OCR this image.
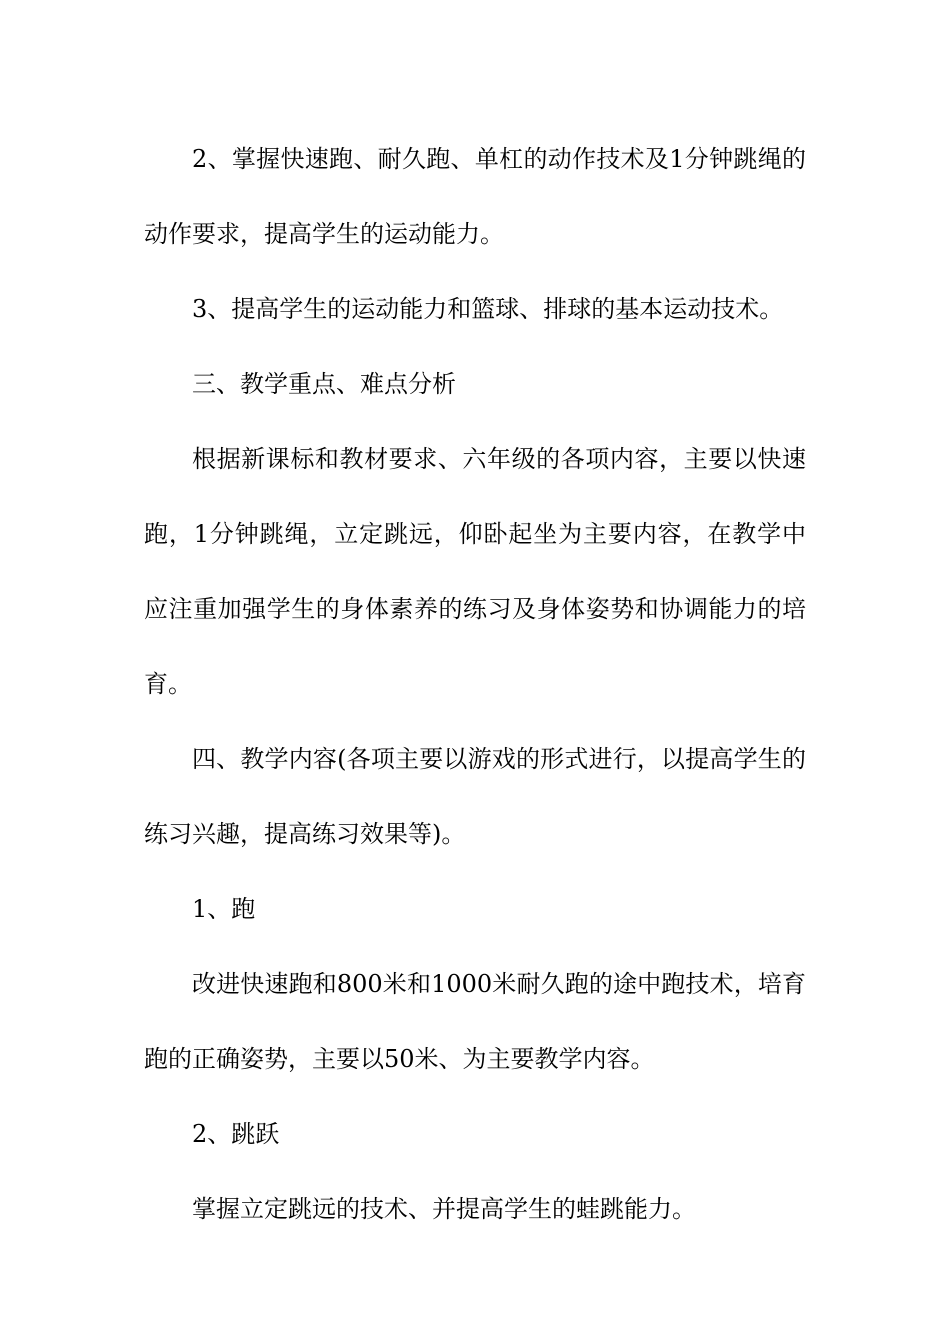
2、掌握快速跑、耐久跑、单杠的动作技术及1分钟跳绳的动作要求，提高学生的运动能力。

3、提高学生的运动能力和篮球、排球的基本运动技术。

三、教学重点、难点分析

根据新课标和教材要求、六年级的各项内容，主要以快速跑，1分钟跳绳，立定跳远，仰卧起坐为主要内容，在教学中应注重加强学生的身体素养的练习及身体姿势和协调能力的培育。

四、教学内容(各项主要以游戏的形式进行，以提高学生的练习兴趣，提高练习效果等)。

1、跑

改进快速跑和800米和1000米耐久跑的途中跑技术，培育跑的正确姿势，主要以50米、为主要教学内容。

2、跳跃

掌握立定跳远的技术、并提高学生的蛙跳能力。
